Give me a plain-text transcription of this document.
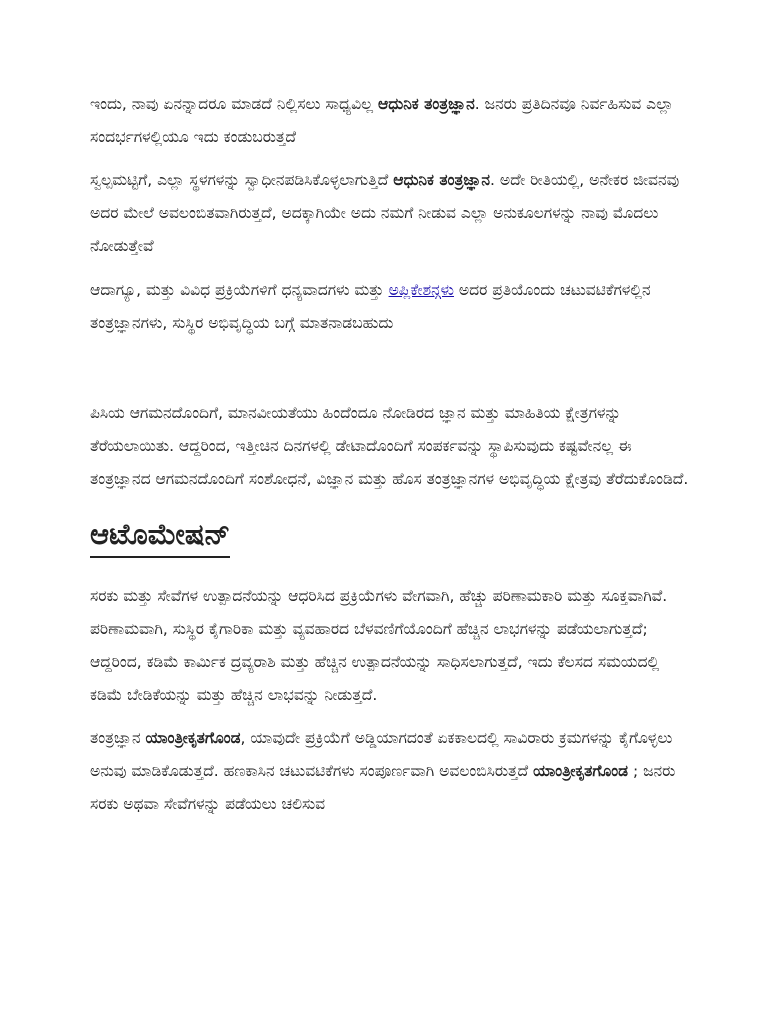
ಇಂದು, ನಾವು ಏನನ್ನಾದರೂ ಮಾಡದೆ ನಿಲ್ಲಿಸಲು ಸಾಧ್ಯವಿಲ್ಲ ಆಧುನಿಕ ತಂತ್ರಜ್ಞಾನ. ಜನರು ಪ್ರತಿದಿನವೂ ನಿರ್ವಹಿಸುವ ಎಲ್ಲಾ ಸಂದರ್ಭಗಳಲ್ಲಿಯೂ ಇದು ಕಂಡುಬರುತ್ತದೆ

ಸ್ವಲ್ಪಮಟ್ಟಿಗೆ, ಎಲ್ಲಾ ಸ್ಥಳಗಳನ್ನು ಸ್ವಾಧೀನಪಡಿಸಿಕೊಳ್ಳಲಾಗುತ್ತಿದೆ ಆಧುನಿಕ ತಂತ್ರಜ್ಞಾನ. ಅದೇ ರೀತಿಯಲ್ಲಿ, ಅನೇಕರ ಜೀವನವು ಅದರ ಮೇಲೆ ಅವಲಂಬಿತವಾಗಿರುತ್ತದೆ, ಅದಕ್ಕಾಗಿಯೇ ಅದು ನಮಗೆ ನೀಡುವ ಎಲ್ಲಾ ಅನುಕೂಲಗಳನ್ನು ನಾವು ಮೊದಲು ನೋಡುತ್ತೇವೆ

ಆದಾಗ್ಯೂ, ಮತ್ತು ವಿವಿಧ ಪ್ರಕ್ರಿಯೆಗಳಿಗೆ ಧನ್ಯವಾದಗಳು ಮತ್ತು ಅಪ್ಲಿಕೇಶನ್ಗಳು ಅದರ ಪ್ರತಿಯೊಂದು ಚಟುವಟಿಕೆಗಳಲ್ಲಿನ ತಂತ್ರಜ್ಞಾನಗಳು, ಸುಸ್ಥಿರ ಅಭಿವೃದ್ಧಿಯ ಬಗ್ಗೆ ಮಾತನಾಡಬಹುದು

ಪಿಸಿಯ ಆಗಮನದೊಂದಿಗೆ, ಮಾನವೀಯತೆಯು ಹಿಂದೆಂದೂ ನೋಡಿರದ ಜ್ಞಾನ ಮತ್ತು ಮಾಹಿತಿಯ ಕ್ಷೇತ್ರಗಳನ್ನು ತೆರೆಯಲಾಯಿತು. ಆದ್ದರಿಂದ, ಇತ್ತೀಚಿನ ದಿನಗಳಲ್ಲಿ ಡೇಟಾದೊಂದಿಗೆ ಸಂಪರ್ಕವನ್ನು ಸ್ಥಾಪಿಸುವುದು ಕಷ್ಟವೇನಲ್ಲ ಈ ತಂತ್ರಜ್ಞಾನದ ಆಗಮನದೊಂದಿಗೆ ಸಂಶೋಧನೆ, ವಿಜ್ಞಾನ ಮತ್ತು ಹೊಸ ತಂತ್ರಜ್ಞಾನಗಳ ಅಭಿವೃದ್ಧಿಯ ಕ್ಷೇತ್ರವು ತೆರೆದುಕೊಂಡಿದೆ.

ಆಟೊಮೇಷನ್

ಸರಕು ಮತ್ತು ಸೇವೆಗಳ ಉತ್ಪಾದನೆಯನ್ನು ಆಧರಿಸಿದ ಪ್ರಕ್ರಿಯೆಗಳು ವೇಗವಾಗಿ, ಹೆಚ್ಚು ಪರಿಣಾಮಕಾರಿ ಮತ್ತು ಸೂಕ್ತವಾಗಿವೆ. ಪರಿಣಾಮವಾಗಿ, ಸುಸ್ಥಿರ ಕೈಗಾರಿಕಾ ಮತ್ತು ವ್ಯವಹಾರದ ಬೆಳವಣಿಗೆಯೊಂದಿಗೆ ಹೆಚ್ಚಿನ ಲಾಭಗಳನ್ನು ಪಡೆಯಲಾಗುತ್ತದೆ; ಆದ್ದರಿಂದ, ಕಡಿಮೆ ಕಾರ್ಮಿಕ ದ್ರವ್ಯರಾಶಿ ಮತ್ತು ಹೆಚ್ಚಿನ ಉತ್ಪಾದನೆಯನ್ನು ಸಾಧಿಸಲಾಗುತ್ತದೆ, ಇದು ಕೆಲಸದ ಸಮಯದಲ್ಲಿ ಕಡಿಮೆ ಬೇಡಿಕೆಯನ್ನು ಮತ್ತು ಹೆಚ್ಚಿನ ಲಾಭವನ್ನು ನೀಡುತ್ತದೆ.

ತಂತ್ರಜ್ಞಾನ ಯಾಂತ್ರೀಕೃತಗೊಂಡ, ಯಾವುದೇ ಪ್ರಕ್ರಿಯೆಗೆ ಅಡ್ಡಿಯಾಗದಂತೆ ಏಕಕಾಲದಲ್ಲಿ ಸಾವಿರಾರು ಕ್ರಮಗಳನ್ನು ಕೈಗೊಳ್ಳಲು ಅನುವು ಮಾಡಿಕೊಡುತ್ತದೆ. ಹಣಕಾಸಿನ ಚಟುವಟಿಕೆಗಳು ಸಂಪೂರ್ಣವಾಗಿ ಅವಲಂಬಿಸಿರುತ್ತದೆ ಯಾಂತ್ರೀಕೃತಗೊಂಡ ; ಜನರು ಸರಕು ಅಥವಾ ಸೇವೆಗಳನ್ನು ಪಡೆಯಲು ಚಲಿಸುವ
